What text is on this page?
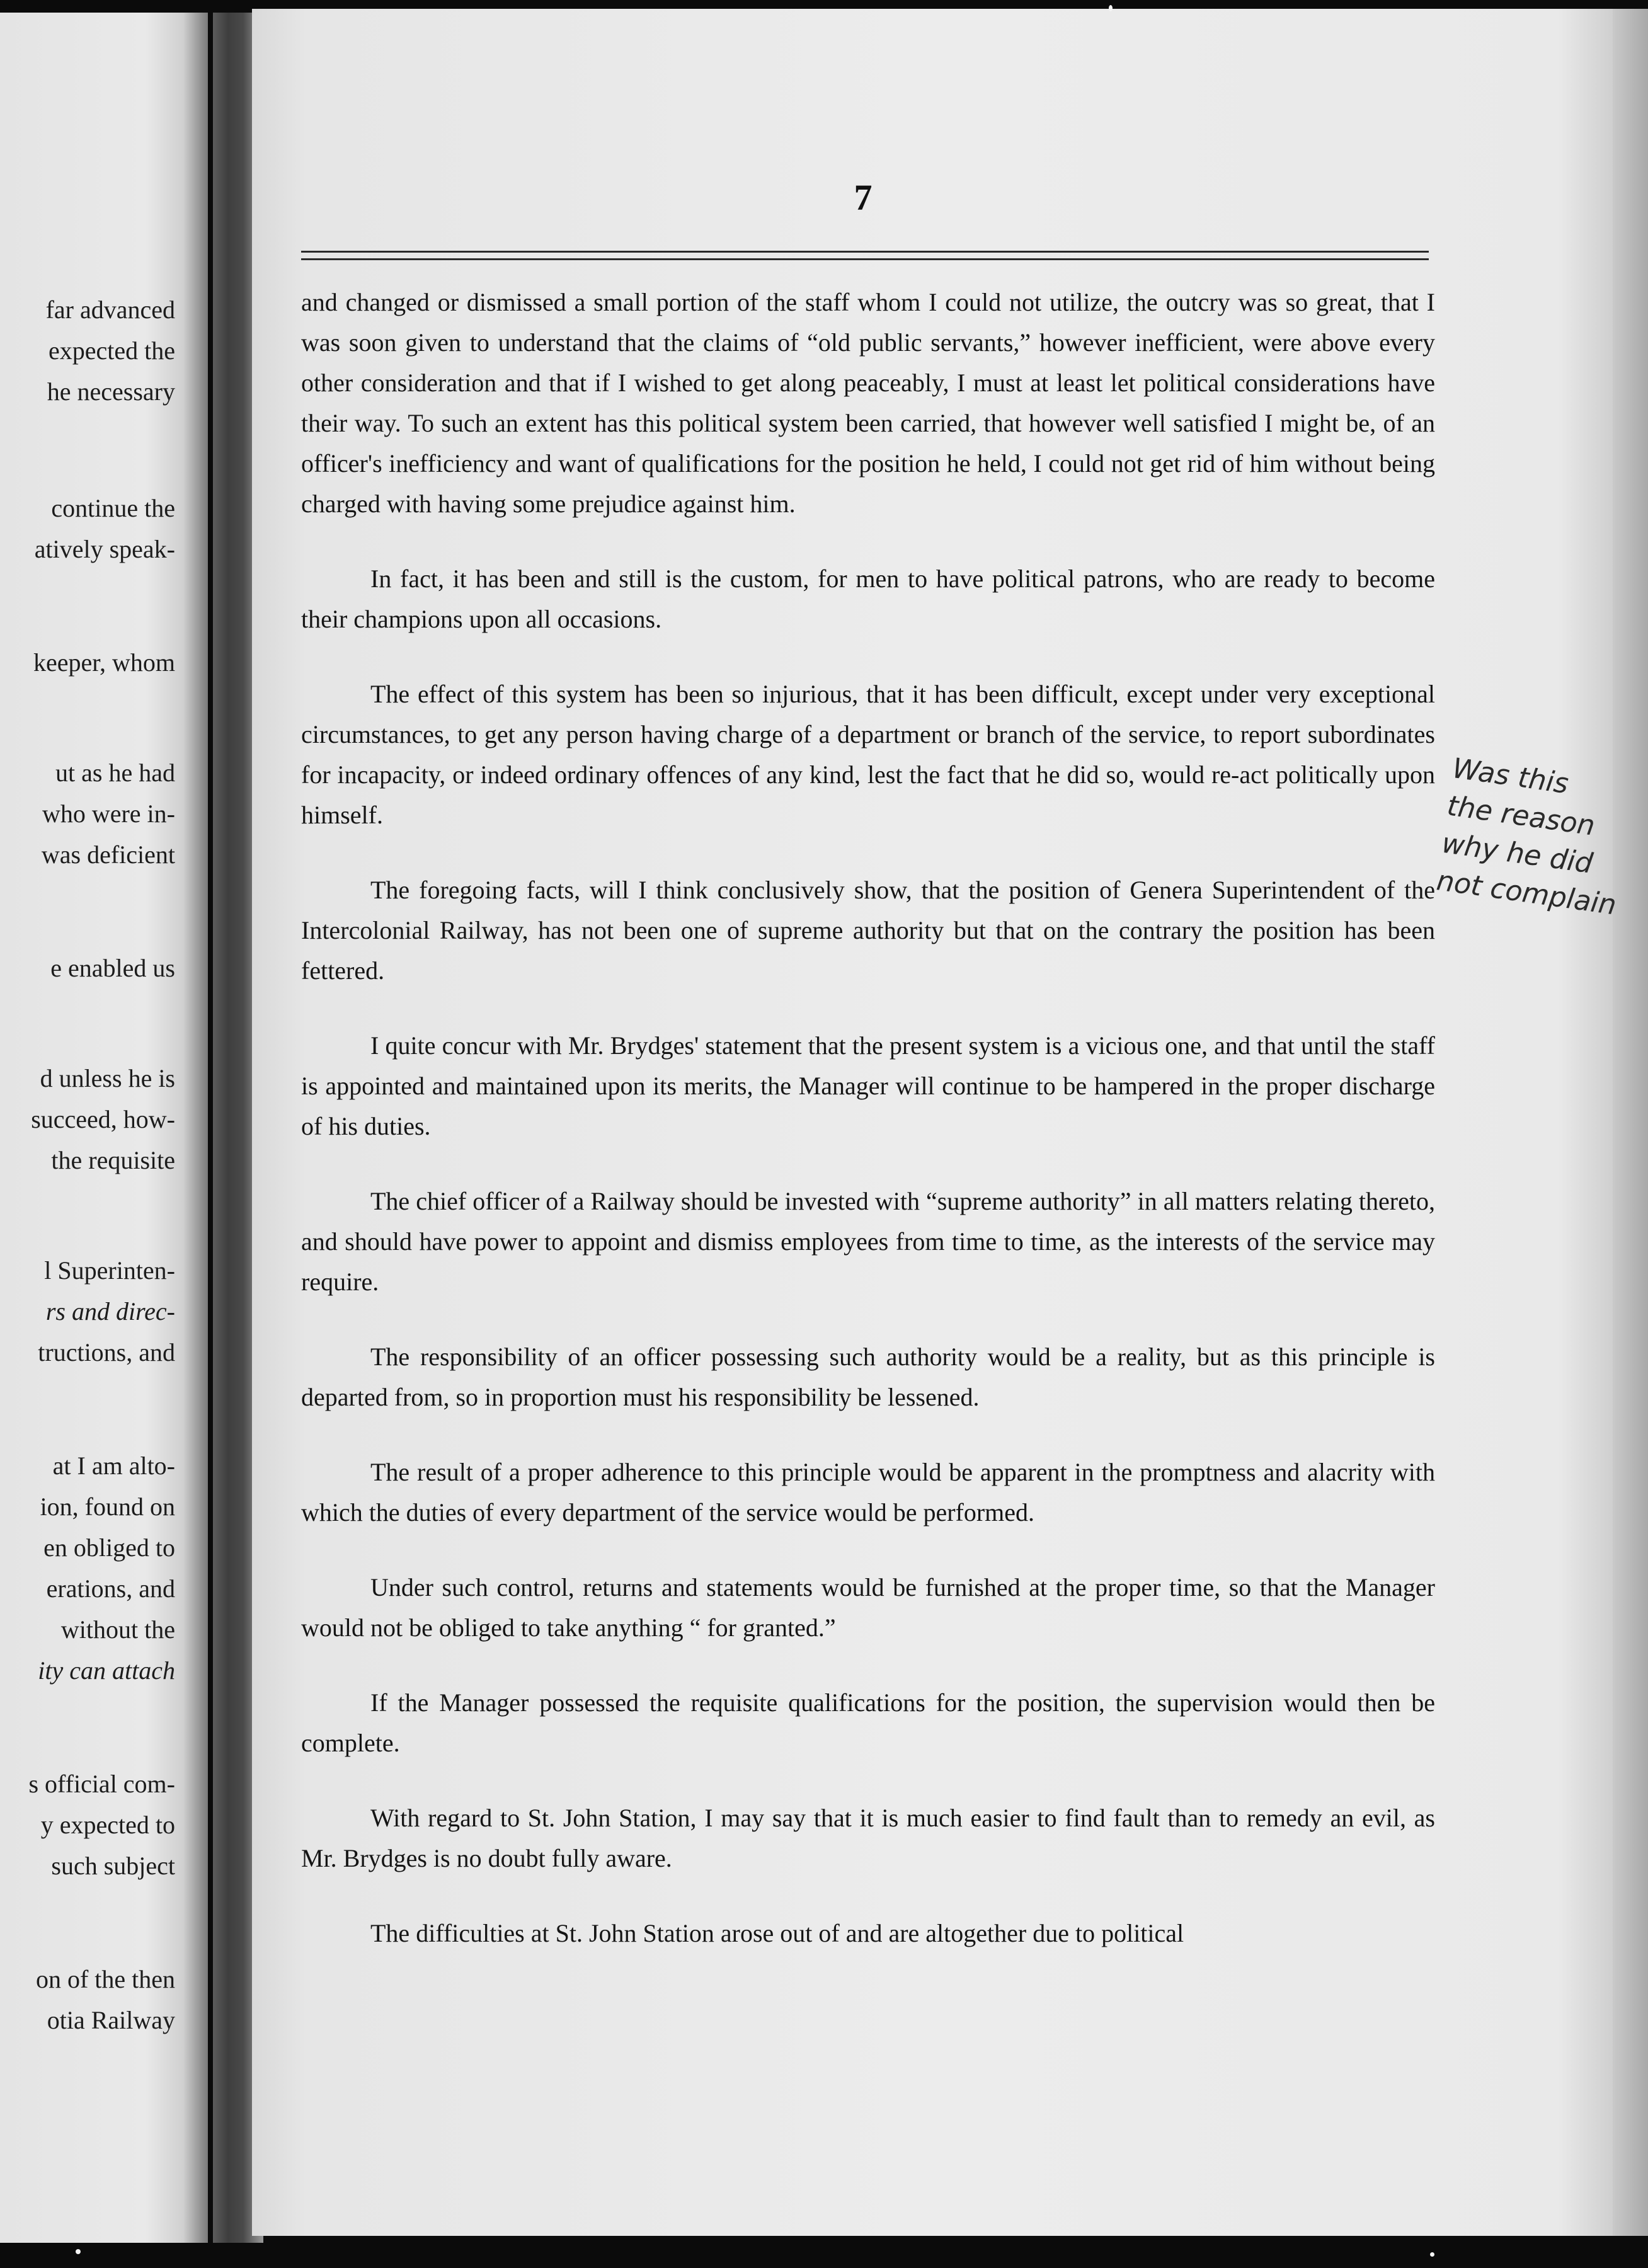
far advanced
expected the
he necessary
continue the
atively speak-
keeper, whom
ut as he had
who were in-
was deficient
e enabled us
d unless he is
succeed, how-
the requisite
l Superinten-
rs and direc-
tructions, and
at I am alto-
ion, found on
en obliged to
erations, and
without the
ity can attach
s official com-
y expected to
such subject
on of the then
otia Railway
7

and changed or dismissed a small portion of the staff whom I could not utilize, the outcry was so great, that I was soon given to understand that the claims of “old public servants,” however inefficient, were above every other consideration and that if I wished to get along peaceably, I must at least let political considerations have their way. To such an extent has this political system been carried, that however well satisfied I might be, of an officer's inefficiency and want of qualifications for the position he held, I could not get rid of him without being charged with having some prejudice against him.

In fact, it has been and still is the custom, for men to have political patrons, who are ready to become their champions upon all occasions.

The effect of this system has been so injurious, that it has been difficult, except under very exceptional circumstances, to get any person having charge of a department or branch of the service, to report subordinates for incapacity, or indeed ordinary offences of any kind, lest the fact that he did so, would re-act politically upon himself.

The foregoing facts, will I think conclusively show, that the position of Genera Superintendent of the Intercolonial Railway, has not been one of supreme authority but that on the contrary the position has been fettered.

I quite concur with Mr. Brydges' statement that the present system is a vicious one, and that until the staff is appointed and maintained upon its merits, the Manager will continue to be hampered in the proper discharge of his duties.

The chief officer of a Railway should be invested with “supreme authority” in all matters relating thereto, and should have power to appoint and dismiss employees from time to time, as the interests of the service may require.

The responsibility of an officer possessing such authority would be a reality, but as this principle is departed from, so in proportion must his responsibility be lessened.

The result of a proper adherence to this principle would be apparent in the promptness and alacrity with which the duties of every department of the service would be performed.

Under such control, returns and statements would be furnished at the proper time, so that the Manager would not be obliged to take anything “ for granted.”

If the Manager possessed the requisite qualifications for the position, the supervision would then be complete.

With regard to St. John Station, I may say that it is much easier to find fault than to remedy an evil, as Mr. Brydges is no doubt fully aware.

The difficulties at St. John Station arose out of and are altogether due to political

Was this
the reason
why he did
not complain
